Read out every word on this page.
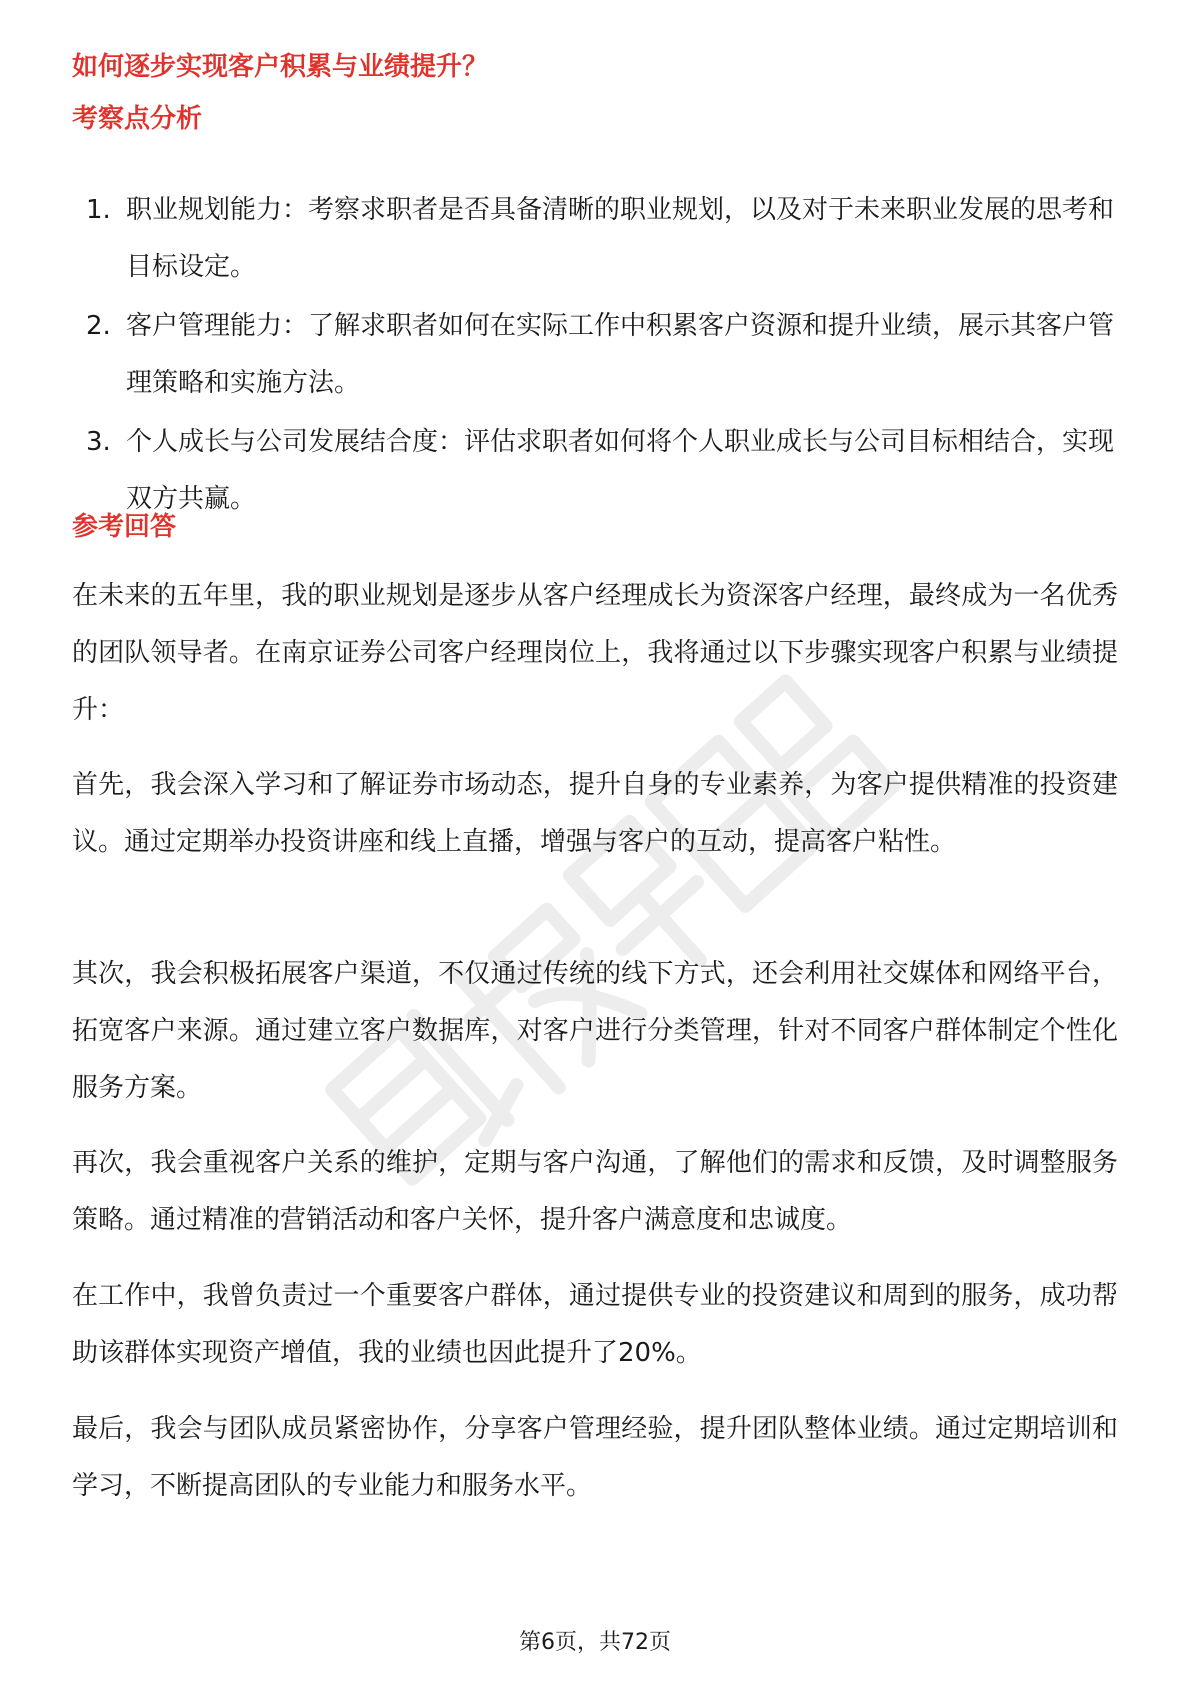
如何逐步实现客户积累与业绩提升？
考察点分析
1. 职业规划能力：考察求职者是否具备清晰的职业规划，以及对于未来职业发展的思考和目标设定。
2. 客户管理能力：了解求职者如何在实际工作中积累客户资源和提升业绩，展示其客户管理策略和实施方法。
3. 个人成长与公司发展结合度：评估求职者如何将个人职业成长与公司目标相结合，实现双方共赢。
参考回答

在未来的五年里，我的职业规划是逐步从客户经理成长为资深客户经理，最终成为一名优秀的团队领导者。在南京证券公司客户经理岗位上，我将通过以下步骤实现客户积累与业绩提升：

首先，我会深入学习和了解证券市场动态，提升自身的专业素养，为客户提供精准的投资建议。通过定期举办投资讲座和线上直播，增强与客户的互动，提高客户粘性。

其次，我会积极拓展客户渠道，不仅通过传统的线下方式，还会利用社交媒体和网络平台，拓宽客户来源。通过建立客户数据库，对客户进行分类管理，针对不同客户群体制定个性化服务方案。

再次，我会重视客户关系的维护，定期与客户沟通，了解他们的需求和反馈，及时调整服务策略。通过精准的营销活动和客户关怀，提升客户满意度和忠诚度。

在工作中，我曾负责过一个重要客户群体，通过提供专业的投资建议和周到的服务，成功帮助该群体实现资产增值，我的业绩也因此提升了20%。

最后，我会与团队成员紧密协作，分享客户管理经验，提升团队整体业绩。通过定期培训和学习，不断提高团队的专业能力和服务水平。

第6页，共72页
